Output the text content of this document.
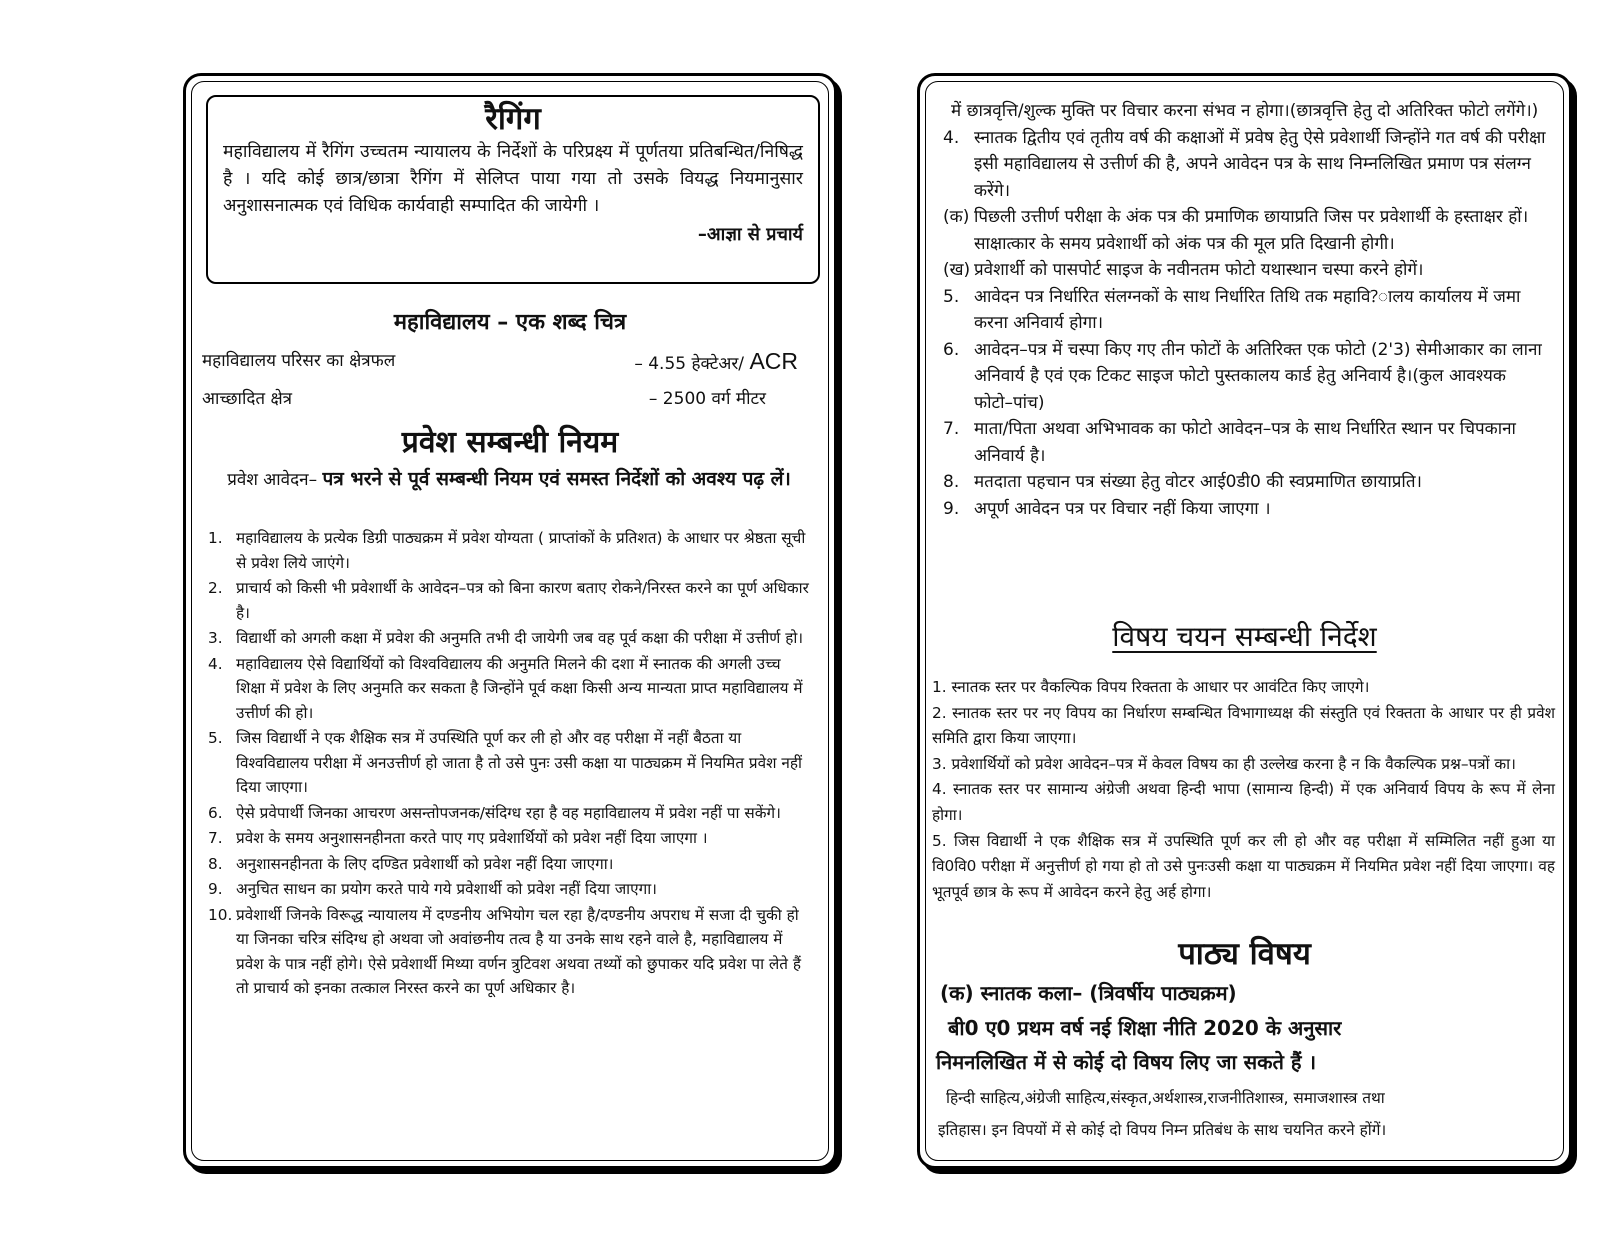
रैगिंग
महाविद्यालय में रैगिंग उच्चतम न्यायालय के निर्देशों के परिप्रक्ष्य में पूर्णतया प्रतिबन्धित/निषिद्ध है । यदि कोई छात्र/छात्रा रैगिंग में सेलिप्त पाया गया तो उसके वियद्ध नियमानुसार अनुशासनात्मक एवं विधिक कार्यवाही सम्पादित की जायेगी ।
–आज्ञा से प्रचार्य
महाविद्यालय – एक शब्द चित्र
महाविद्यालय परिसर का क्षेत्रफल	– 4.55 हेक्टेअर/ ACR
आच्छादित क्षेत्र	– 2500 वर्ग मीटर
प्रवेश सम्बन्धी नियम
प्रवेश आवेदन– पत्र भरने से पूर्व सम्बन्धी नियम एवं समस्त निर्देशों को अवश्य पढ़ लें।
1. महाविद्यालय के प्रत्येक डिग्री पाठ्यक्रम में प्रवेश योग्यता ( प्राप्तांकों के प्रतिशत) के आधार पर श्रेष्ठता सूची से प्रवेश लिये जाएंगे।
2. प्राचार्य को किसी भी प्रवेशार्थी के आवेदन–पत्र को बिना कारण बताए रोकने/निरस्त करने का पूर्ण अधिकार है।
3. विद्यार्थी को अगली कक्षा में प्रवेश की अनुमति तभी दी जायेगी जब वह पूर्व कक्षा की परीक्षा में उत्तीर्ण हो।
4. महाविद्यालय ऐसे विद्यार्थियों को विश्वविद्यालय की अनुमति मिलने की दशा में स्नातक की अगली उच्च शिक्षा में प्रवेश के लिए अनुमति कर सकता है जिन्होंने पूर्व कक्षा किसी अन्य मान्यता प्राप्त महाविद्यालय में उत्तीर्ण की हो।
5. जिस विद्यार्थी ने एक शैक्षिक सत्र में उपस्थिति पूर्ण कर ली हो और वह परीक्षा में नहीं बैठता या विश्वविद्यालय परीक्षा में अनउत्तीर्ण हो जाता है तो उसे पुनः उसी कक्षा या पाठ्यक्रम में नियमित प्रवेश नहीं दिया जाएगा।
6. ऐसे प्रवेपार्थी जिनका आचरण असन्तोपजनक/संदिग्ध रहा है वह महाविद्यालय में प्रवेश नहीं पा सकेंगे।
7. प्रवेश के समय अनुशासनहीनता करते पाए गए प्रवेशार्थियों को प्रवेश नहीं दिया जाएगा ।
8. अनुशासनहीनता के लिए दण्डित प्रवेशार्थी को प्रवेश नहीं दिया जाएगा।
9. अनुचित साधन का प्रयोग करते पाये गये प्रवेशार्थी को प्रवेश नहीं दिया जाएगा।
10. प्रवेशार्थी जिनके विरूद्ध न्यायालय में दण्डनीय अभियोग चल रहा है/दण्डनीय अपराध में सजा दी चुकी हो या जिनका चरित्र संदिग्ध हो अथवा जो अवांछनीय तत्व है या उनके साथ रहने वाले है, महाविद्यालय में प्रवेश के पात्र नहीं होगे। ऐसे प्रवेशार्थी मिथ्या वर्णन त्रुटिवश अथवा तथ्यों को छुपाकर यदि प्रवेश पा लेते हैं तो प्राचार्य को इनका तत्काल निरस्त करने का पूर्ण अधिकार है।
में छात्रवृत्ति/शुल्क मुक्ति पर विचार करना संभव न होगा।(छात्रवृत्ति हेतु दो अतिरिक्त फोटो लगेंगे।)
4. स्नातक द्वितीय एवं तृतीय वर्ष की कक्षाओं में प्रवेष हेतु ऐसे प्रवेशार्थी जिन्होंने गत वर्ष की परीक्षा इसी महाविद्यालय से उत्तीर्ण की है, अपने आवेदन पत्र के साथ निम्नलिखित प्रमाण पत्र संलग्न करेंगे।
(क) पिछली उत्तीर्ण परीक्षा के अंक पत्र की प्रमाणिक छायाप्रति जिस पर प्रवेशार्थी के हस्ताक्षर हों। साक्षात्कार के समय प्रवेशार्थी को अंक पत्र की मूल प्रति दिखानी होगी।
(ख) प्रवेशार्थी को पासपोर्ट साइज के नवीनतम फोटो यथास्थान चस्पा करने होगें।
5. आवेदन पत्र निर्धारित संलग्नकों के साथ निर्धारित तिथि तक महावि?ालय कार्यालय में जमा करना अनिवार्य होगा।
6. आवेदन–पत्र में चस्पा किए गए तीन फोटों के अतिरिक्त एक फोटो (2'3) सेमीआकार का लाना अनिवार्य है एवं एक टिकट साइज फोटो पुस्तकालय कार्ड हेतु अनिवार्य है।(कुल आवश्यक फोटो–पांच)
7. माता/पिता अथवा अभिभावक का फोटो आवेदन–पत्र के साथ निर्धारित स्थान पर चिपकाना अनिवार्य है।
8. मतदाता पहचान पत्र संख्या हेतु वोटर आई0डी0 की स्वप्रमाणित छायाप्रति।
9. अपूर्ण आवेदन पत्र पर विचार नहीं किया जाएगा ।
विषय चयन सम्बन्धी निर्देश
1. स्नातक स्तर पर वैकल्पिक विपय रिक्तता के आधार पर आवंटित किए जाएगे।
2. स्नातक स्तर पर नए विपय का निर्धारण सम्बन्धित विभागाध्यक्ष की संस्तुति एवं रिक्तता के आधार पर ही प्रवेश समिति द्वारा किया जाएगा।
3. प्रवेशार्थियों को प्रवेश आवेदन–पत्र में केवल विषय का ही उल्लेख करना है न कि वैकल्पिक प्रश्न–पत्रों का।
4. स्नातक स्तर पर सामान्य अंग्रेजी अथवा हिन्दी भापा (सामान्य हिन्दी) में एक अनिवार्य विपय के रूप में लेना होगा।
5. जिस विद्यार्थी ने एक शैक्षिक सत्र में उपस्थिति पूर्ण कर ली हो और वह परीक्षा में सम्मिलित नहीं हुआ या वि0वि0 परीक्षा में अनुत्तीर्ण हो गया हो तो उसे पुनःउसी कक्षा या पाठ्यक्रम में नियमित प्रवेश नहीं दिया जाएगा। वह भूतपूर्व छात्र के रूप में आवेदन करने हेतु अर्ह होगा।
पाठ्य विषय
(क) स्नातक कला– (त्रिवर्षीय पाठ्यक्रम)
बी0 ए0 प्रथम वर्ष नई शिक्षा नीति 2020 के अनुसार
निमनलिखित में से कोई दो विषय लिए जा सकते हैं ।
हिन्दी साहित्य,अंग्रेजी साहित्य,संस्कृत,अर्थशास्त्र,राजनीतिशास्त्र, समाजशास्त्र तथा
इतिहास। इन विपयों में से कोई दो विपय निम्न प्रतिबंध के साथ चयनित करने होंगें।
